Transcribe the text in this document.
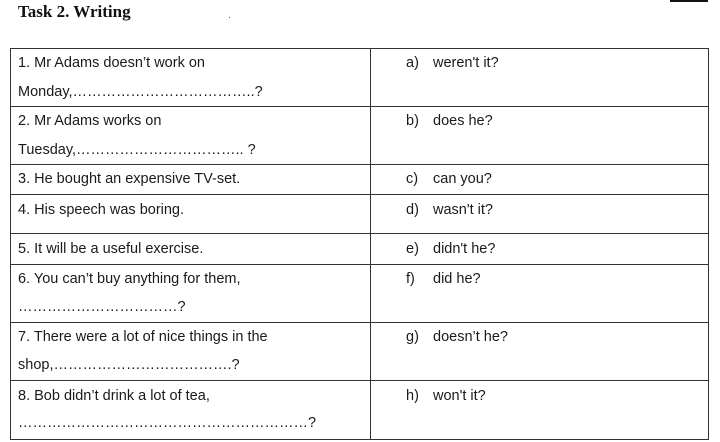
Task 2. Writing
1. Mr Adams doesn’t work on
Monday,………………………………..?	a) weren't it?

2. Mr Adams works on
Tuesday,…………………………….. ?	b) does he?

3. He bought an expensive TV-set.	c) can you?

4. His speech was boring.	d) wasn't it?

5. It will be a useful exercise.	e) didn't he?

6. You can’t buy anything for them,
……………………………?	f) did he?

7. There were a lot of nice things in the
shop,……………………………….?	g) doesn’t he?

8. Bob didn’t drink a lot of tea,
……………………………………………………?	h) won't it?
